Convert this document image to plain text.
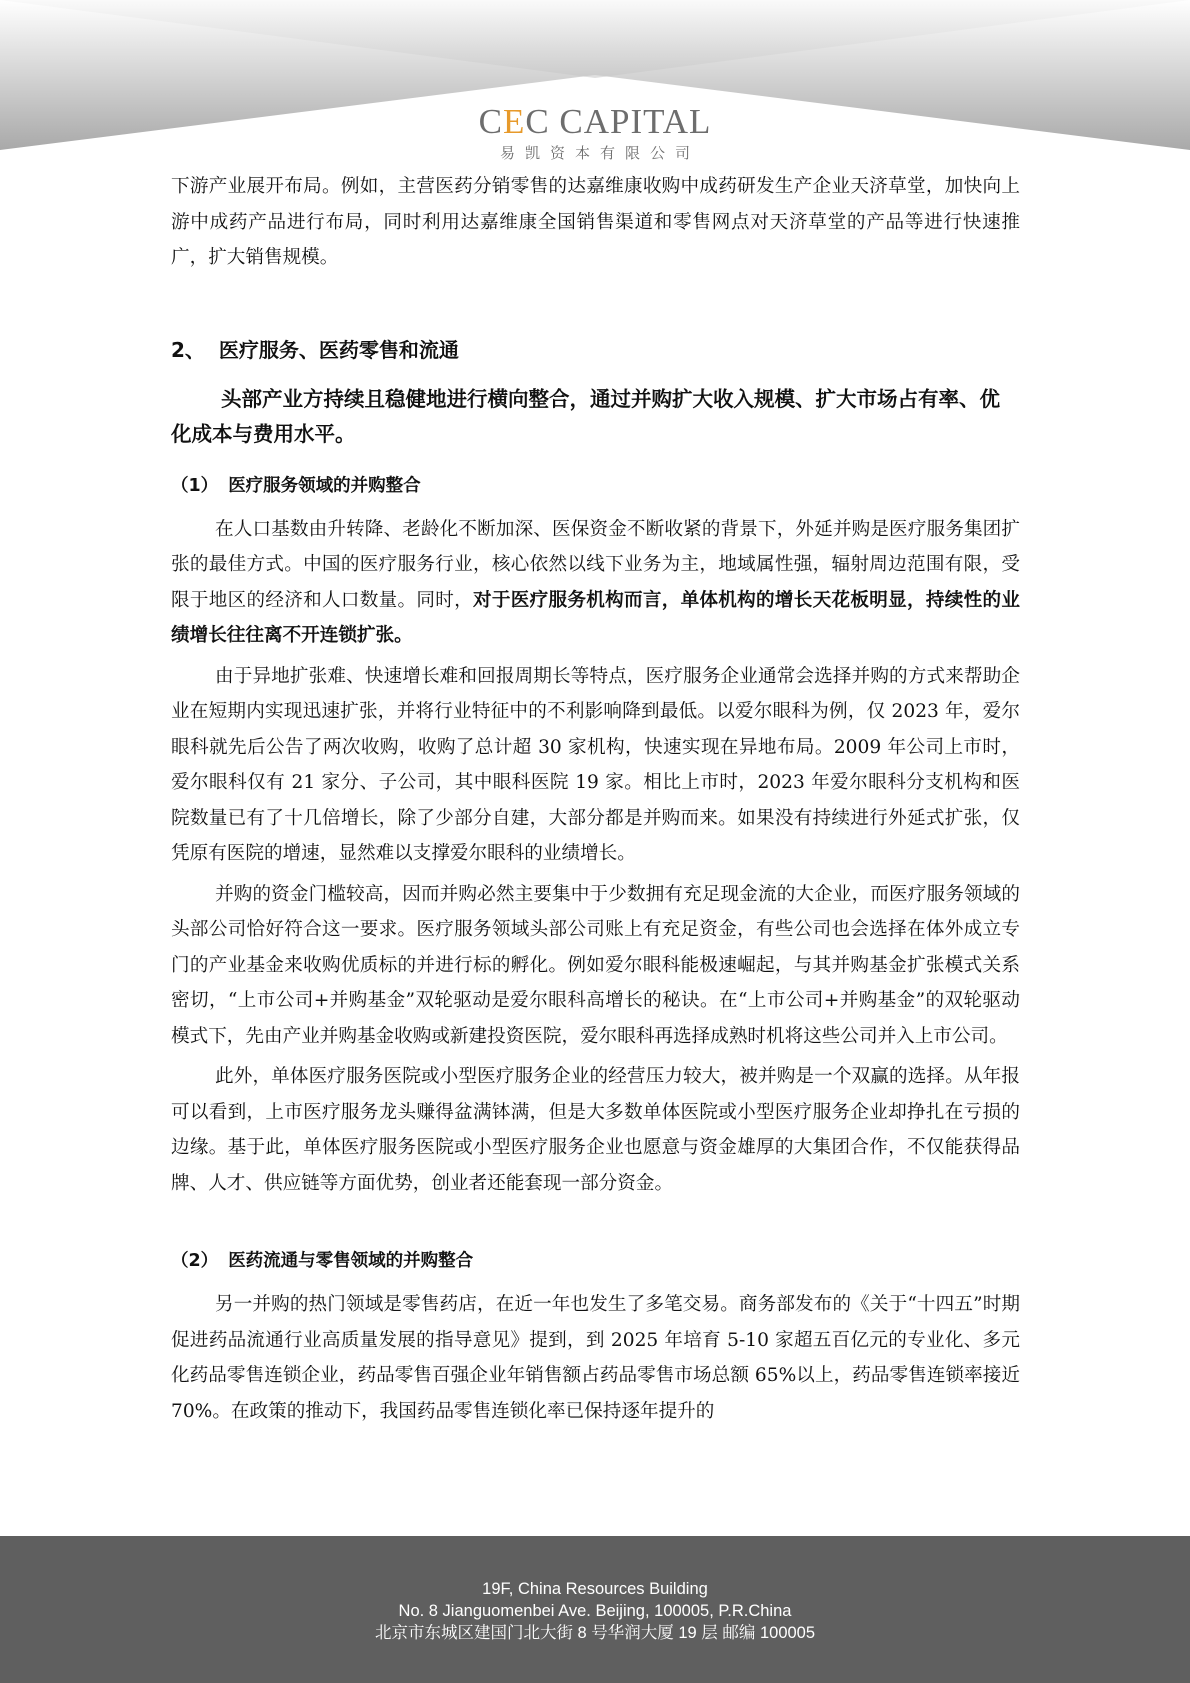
CEC CAPITAL
易凯资本有限公司

下游产业展开布局。例如，主营医药分销零售的达嘉维康收购中成药研发生产企业天济草堂，加快向上游中成药产品进行布局，同时利用达嘉维康全国销售渠道和零售网点对天济草堂的产品等进行快速推广，扩大销售规模。

2、 医疗服务、医药零售和流通

头部产业方持续且稳健地进行横向整合，通过并购扩大收入规模、扩大市场占有率、优化成本与费用水平。

（1） 医疗服务领域的并购整合

在人口基数由升转降、老龄化不断加深、医保资金不断收紧的背景下，外延并购是医疗服务集团扩张的最佳方式。中国的医疗服务行业，核心依然以线下业务为主，地域属性强，辐射周边范围有限，受限于地区的经济和人口数量。同时，对于医疗服务机构而言，单体机构的增长天花板明显，持续性的业绩增长往往离不开连锁扩张。

由于异地扩张难、快速增长难和回报周期长等特点，医疗服务企业通常会选择并购的方式来帮助企业在短期内实现迅速扩张，并将行业特征中的不利影响降到最低。以爱尔眼科为例，仅 2023 年，爱尔眼科就先后公告了两次收购，收购了总计超 30 家机构，快速实现在异地布局。2009 年公司上市时，爱尔眼科仅有 21 家分、子公司，其中眼科医院 19 家。相比上市时，2023 年爱尔眼科分支机构和医院数量已有了十几倍增长，除了少部分自建，大部分都是并购而来。如果没有持续进行外延式扩张，仅凭原有医院的增速，显然难以支撑爱尔眼科的业绩增长。

并购的资金门槛较高，因而并购必然主要集中于少数拥有充足现金流的大企业，而医疗服务领域的头部公司恰好符合这一要求。医疗服务领域头部公司账上有充足资金，有些公司也会选择在体外成立专门的产业基金来收购优质标的并进行标的孵化。例如爱尔眼科能极速崛起，与其并购基金扩张模式关系密切，“上市公司+并购基金”双轮驱动是爱尔眼科高增长的秘诀。在“上市公司+并购基金”的双轮驱动模式下，先由产业并购基金收购或新建投资医院，爱尔眼科再选择成熟时机将这些公司并入上市公司。

此外，单体医疗服务医院或小型医疗服务企业的经营压力较大，被并购是一个双赢的选择。从年报可以看到，上市医疗服务龙头赚得盆满钵满，但是大多数单体医院或小型医疗服务企业却挣扎在亏损的边缘。基于此，单体医疗服务医院或小型医疗服务企业也愿意与资金雄厚的大集团合作，不仅能获得品牌、人才、供应链等方面优势，创业者还能套现一部分资金。

（2） 医药流通与零售领域的并购整合

另一并购的热门领域是零售药店，在近一年也发生了多笔交易。商务部发布的《关于“十四五”时期促进药品流通行业高质量发展的指导意见》提到，到 2025 年培育 5-10 家超五百亿元的专业化、多元化药品零售连锁企业，药品零售百强企业年销售额占药品零售市场总额 65%以上，药品零售连锁率接近 70%。在政策的推动下，我国药品零售连锁化率已保持逐年提升的

19F, China Resources Building
No. 8 Jianguomenbei Ave. Beijing, 100005, P.R.China
北京市东城区建国门北大街 8 号华润大厦 19 层 邮编 100005
